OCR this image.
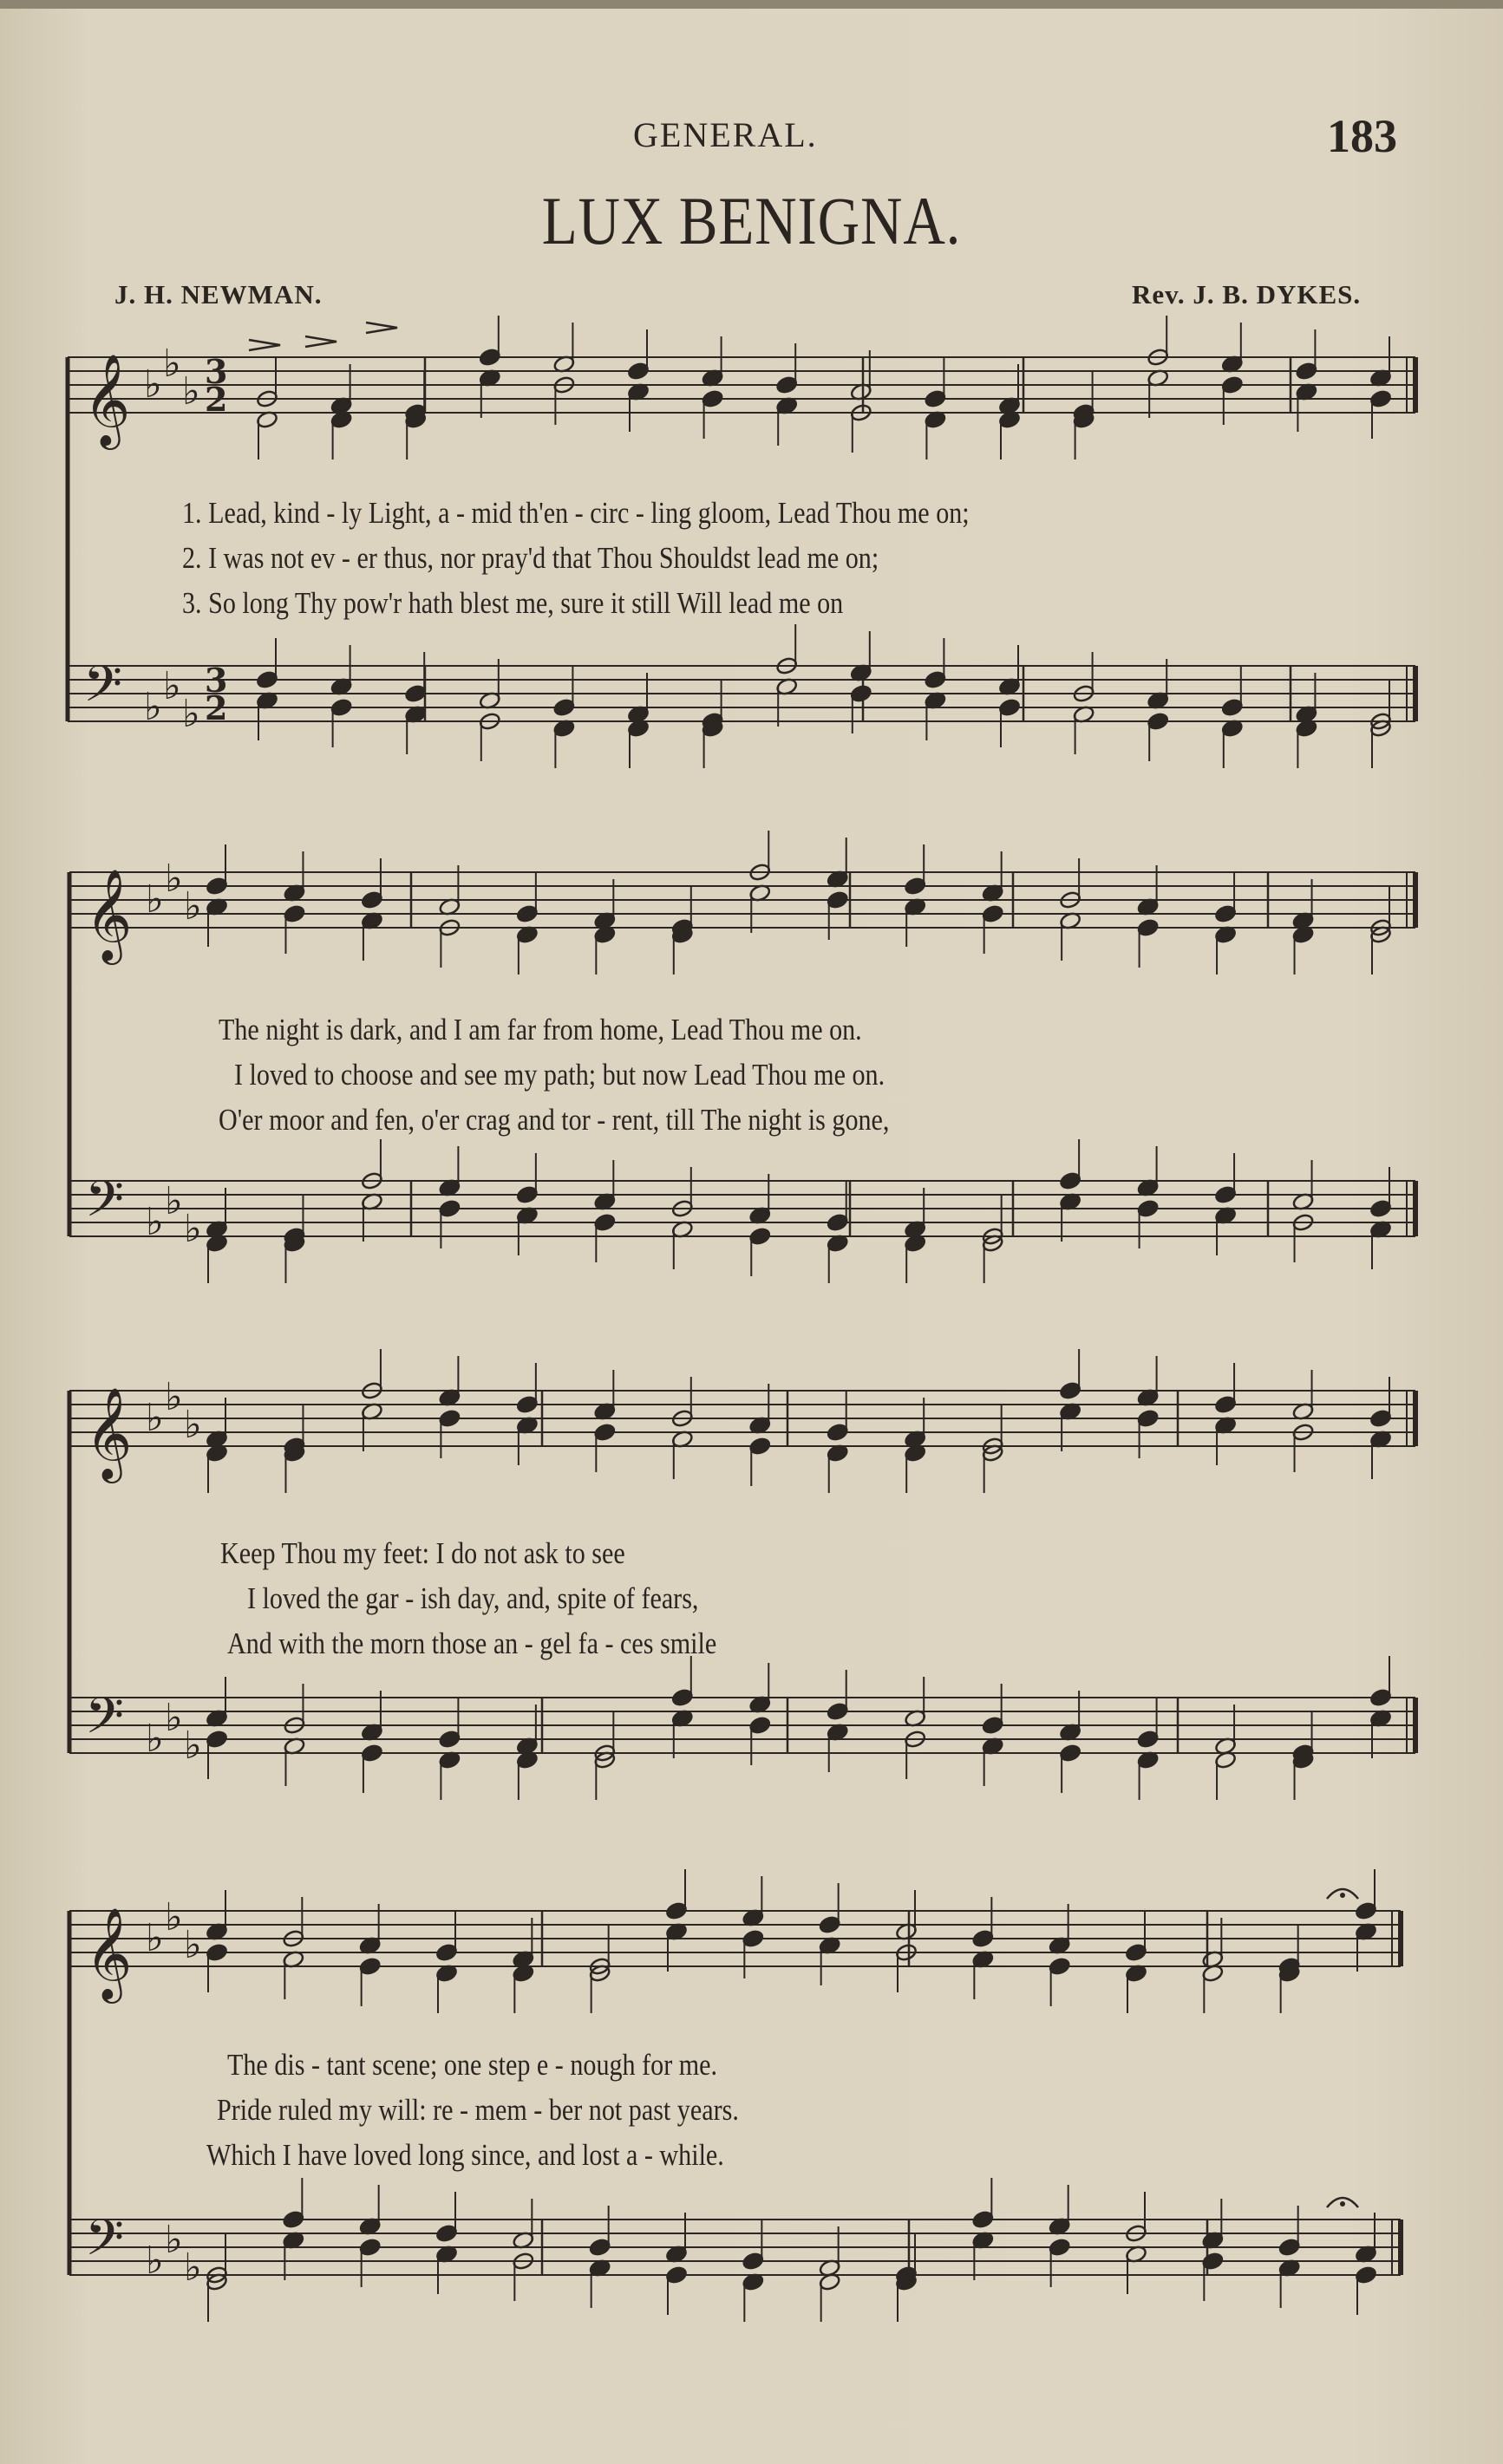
GENERAL.	183
LUX BENIGNA.
J. H. NEWMAN.	Rev. J. B. DYKES.
𝄞 ♭ ♭
♭ 3
2
𝄢 ♭ ♭
♭
3
2
𝄞 ♭ ♭
♭
𝄢 ♭ ♭
♭
𝄞 ♭ ♭
♭
𝄢 ♭ ♭
♭
𝄞 ♭ ♭
♭
𝄢 ♭ ♭
♭
1. Lead, kind - ly Light, a - mid th'en - circ - ling gloom, Lead Thou me on;
2. I was not ev - er thus, nor pray'd that Thou Shouldst lead me on;
3. So long Thy pow'r hath blest me, sure it still Will lead me on
The night is dark, and I am far from home, Lead Thou me on.
I loved to choose and see my path; but now Lead Thou me on.
O'er moor and fen, o'er crag and tor - rent, till The night is gone,
Keep Thou my feet: I do not ask to see
I loved the gar - ish day, and, spite of fears,
And with the morn those an - gel fa - ces smile
The dis - tant scene; one step e - nough for me.
Pride ruled my will: re - mem - ber not past years.
Which I have loved long since, and lost a - while.
